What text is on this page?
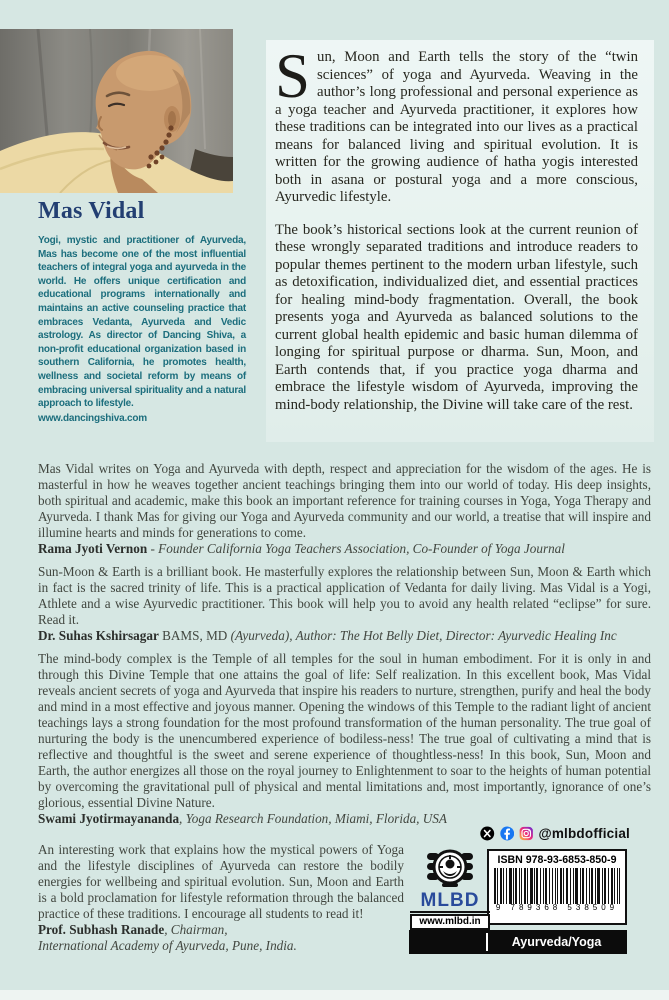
Mas Vidal
Yogi, mystic and practitioner of Ayurveda, Mas has become one of the most influential teachers of integral yoga and ayurveda in the world. He offers unique certification and educational programs internationally and maintains an active counseling practice that embraces Vedanta, Ayurveda and Vedic astrology. As director of Dancing Shiva, a non-profit educational organization based in southern California, he promotes health, wellness and societal reform by means of embracing universal spirituality and a natural approach to lifestyle.
www.dancingshiva.com

Sun, Moon and Earth tells the story of the “twin sciences” of yoga and Ayurveda. Weaving in the author’s long professional and personal experience as a yoga teacher and Ayurveda practitioner, it explores how these traditions can be integrated into our lives as a practical means for balanced living and spiritual evolution. It is written for the growing audience of hatha yogis interested both in asana or postural yoga and a more conscious, Ayurvedic lifestyle.

The book’s historical sections look at the current reunion of these wrongly separated traditions and introduce readers to popular themes pertinent to the modern urban lifestyle, such as detoxification, individualized diet, and essential practices for healing mind-body fragmentation. Overall, the book presents yoga and Ayurveda as balanced solutions to the current global health epidemic and basic human dilemma of longing for spiritual purpose or dharma. Sun, Moon, and Earth contends that, if you practice yoga dharma and embrace the lifestyle wisdom of Ayurveda, improving the mind-body relationship, the Divine will take care of the rest.

Mas Vidal writes on Yoga and Ayurveda with depth, respect and appreciation for the wisdom of the ages. He is masterful in how he weaves together ancient teachings bringing them into our world of today. His deep insights, both spiritual and academic, make this book an important reference for training courses in Yoga, Yoga Therapy and Ayurveda. I thank Mas for giving our Yoga and Ayurveda community and our world, a treatise that will inspire and illumine hearts and minds for generations to come.
Rama Jyoti Vernon - Founder California Yoga Teachers Association, Co-Founder of Yoga Journal
Sun-Moon & Earth is a brilliant book. He masterfully explores the relationship between Sun, Moon & Earth which in fact is the sacred trinity of life. This is a practical application of Vedanta for daily living. Mas Vidal is a Yogi, Athlete and a wise Ayurvedic practitioner. This book will help you to avoid any health related “eclipse” for sure. Read it.
Dr. Suhas Kshirsagar BAMS, MD (Ayurveda), Author: The Hot Belly Diet, Director: Ayurvedic Healing Inc
The mind-body complex is the Temple of all temples for the soul in human embodiment. For it is only in and through this Divine Temple that one attains the goal of life: Self realization. In this excellent book, Mas Vidal reveals ancient secrets of yoga and Ayurveda that inspire his readers to nurture, strengthen, purify and heal the body and mind in a most effective and joyous manner. Opening the windows of this Temple to the radiant light of ancient teachings lays a strong foundation for the most profound transformation of the human personality. The true goal of nurturing the body is the unencumbered experience of bodiless-ness! The true goal of cultivating a mind that is reflective and thoughtful is the sweet and serene experience of thoughtless-ness! In this book, Sun, Moon and Earth, the author energizes all those on the royal journey to Enlightenment to soar to the heights of human potential by overcoming the gravitational pull of physical and mental limitations and, most importantly, ignorance of one’s glorious, essential Divine Nature.
Swami Jyotirmayananda, Yoga Research Foundation, Miami, Florida, USA
An interesting work that explains how the mystical powers of Yoga and the lifestyle disciplines of Ayurveda can restore the bodily energies for wellbeing and spiritual evolution. Sun, Moon and Earth is a bold proclamation for lifestyle reformation through the balanced practice of these traditions. I encourage all students to read it!
Prof. Subhash Ranade, Chairman,
International Academy of Ayurveda, Pune, India.
@mlbdofficial
ISBN 978-93-6853-850-9
9 789368 538509
MLBD
www.mlbd.in
Ayurveda/Yoga
